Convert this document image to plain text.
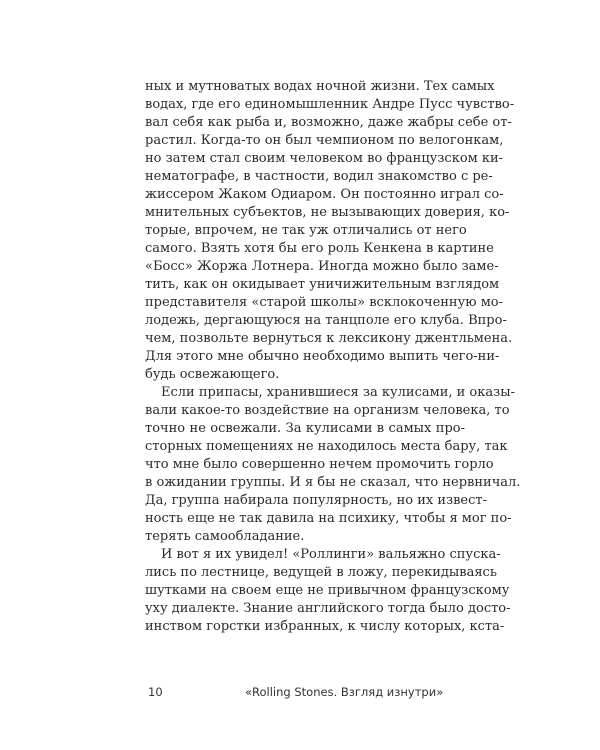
ных и мутноватых водах ночной жизни. Тех самых
водах, где его единомышленник Андре Пусс чувство-
вал себя как рыба и, возможно, даже жабры себе от-
растил. Когда-то он был чемпионом по велогонкам,
но затем стал своим человеком во французском ки-
нематографе, в частности, водил знакомство с ре-
жиссером Жаком Одиаром. Он постоянно играл со-
мнительных субъектов, не вызывающих доверия, ко-
торые, впрочем, не так уж отличались от него
самого. Взять хотя бы его роль Кенкена в картине
«Босс» Жоржа Лотнера. Иногда можно было заме-
тить, как он окидывает уничижительным взглядом
представителя «старой школы» всклокоченную мо-
лодежь, дергающуюся на танцполе его клуба. Впро-
чем, позвольте вернуться к лексикону джентльмена.
Для этого мне обычно необходимо выпить чего-ни-
будь освежающего.
Если припасы, хранившиеся за кулисами, и оказы-
вали какое-то воздействие на организм человека, то
точно не освежали. За кулисами в самых про-
сторных помещениях не находилось места бару, так
что мне было совершенно нечем промочить горло
в ожидании группы. И я бы не сказал, что нервничал.
Да, группа набирала популярность, но их извест-
ность еще не так давила на психику, чтобы я мог по-
терять самообладание.
И вот я их увидел! «Роллинги» вальяжно спуска-
лись по лестнице, ведущей в ложу, перекидываясь
шутками на своем еще не привычном французскому
уху диалекте. Знание английского тогда было досто-
инством горстки избранных, к числу которых, кста-
10	«Rolling Stones. Взгляд изнутри»
